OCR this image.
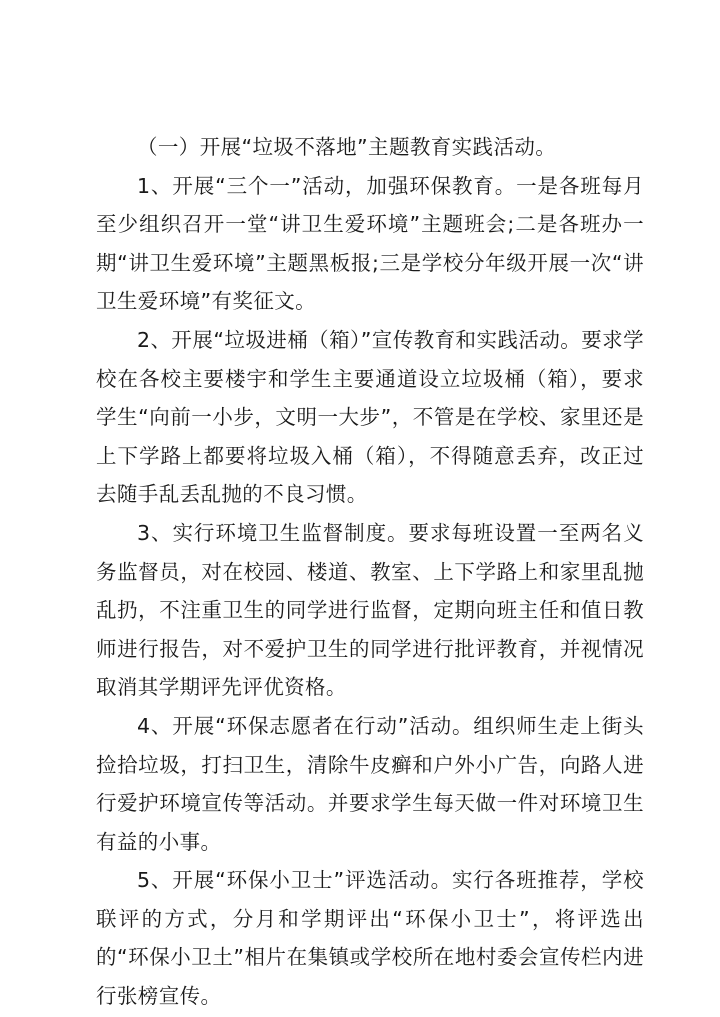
（一）开展“垃圾不落地”主题教育实践活动。

1、开展“三个一”活动，加强环保教育。一是各班每月至少组织召开一堂“讲卫生爱环境”主题班会;二是各班办一期“讲卫生爱环境”主题黑板报;三是学校分年级开展一次“讲卫生爱环境”有奖征文。

2、开展“垃圾进桶（箱）”宣传教育和实践活动。要求学校在各校主要楼宇和学生主要通道设立垃圾桶（箱），要求学生“向前一小步，文明一大步”，不管是在学校、家里还是上下学路上都要将垃圾入桶（箱），不得随意丢弃，改正过去随手乱丢乱抛的不良习惯。

3、实行环境卫生监督制度。要求每班设置一至两名义务监督员，对在校园、楼道、教室、上下学路上和家里乱抛乱扔，不注重卫生的同学进行监督，定期向班主任和值日教师进行报告，对不爱护卫生的同学进行批评教育，并视情况取消其学期评先评优资格。

4、开展“环保志愿者在行动”活动。组织师生走上街头捡拾垃圾，打扫卫生，清除牛皮癣和户外小广告，向路人进行爱护环境宣传等活动。并要求学生每天做一件对环境卫生有益的小事。

5、开展“环保小卫士”评选活动。实行各班推荐，学校联评的方式，分月和学期评出“环保小卫士”，将评选出的“环保小卫土”相片在集镇或学校所在地村委会宣传栏内进行张榜宣传。
